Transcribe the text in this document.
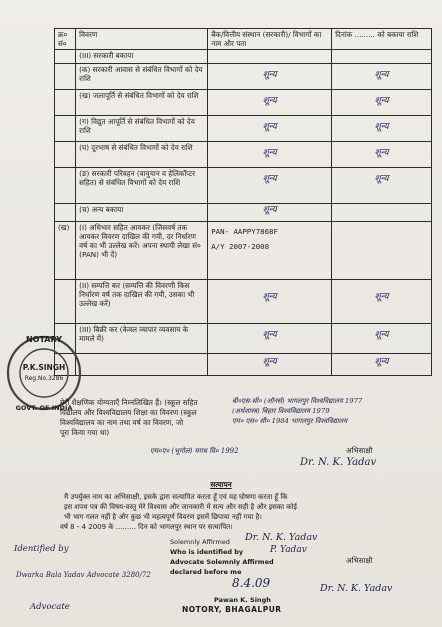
क्र० सं०	विवरण	बैंक/वित्तीय संस्थान (सरकारी)/ विभागों का नाम और पता	दिनांक ......... को बकाया राशि
	(III) सरकारी बकाया		
	(क) सरकारी आवास से संबंधित विभागों को देय राशि	शून्य	शून्य

	(ख) जलापूर्ति से संबंधित विभागों को देय राशि	शून्य	शून्य

	(ग) विद्युत आपूर्ति से संबंधित विभागों को देय राशि	शून्य	शून्य

	(घ) दूरभाष से संबंधित विभागों को देय राशि	शून्य	शून्य

	(ङ) सरकारी परिवहन (वायुयान व हेलिकॉप्टर सहित) से संबंधित विभागों को देय राशि	शून्य	शून्य

	(च) अन्य बकाया	शून्य	

(ख)	(I) अधिभार सहित आयकर (जिसवर्ष तक आयकर विवरण दाखिल की गयी, दर निर्धारण वर्ष का भी उल्लेख करें। अपना स्थायी लेखा सं० (PAN) भी दें)	PAN- AAPPY7868F
A/Y 2007-2008	

	(II) सम्पत्ति कर (सम्पत्ति की विवरणी किस निर्धारण वर्ष तक दाखिल की गयी, उसका भी उल्लेख करें)	शून्य	शून्य

	(III) बिक्री कर (केवल व्यापार व्यवसाय के मामले में)	शून्य	शून्य

		शून्य	शून्य
NOTARY
P.K.SINGH
Reg.No.3286
GOVT. OF INDIA
मेरी शैक्षणिक योग्यताएँ निम्नलिखित हैं। (स्कूल सहित
विद्यालय और विश्वविद्यालय शिक्षा का विवरण (स्कूल
विश्वविद्यालय का नाम तथा वर्ष का विवरण, जो
पूरा किया गया था)
बी०एस-सी० (ऑनर्स) भागलपुर विश्वविद्यालय 1977
(अर्थशास्त्र) बिहार विश्वविद्यालय 1979
एम० एस० सी० 1984 भागलपुर विश्वविद्यालय
एम०ए० (भूगोल) मगध वि० 1992	अभिसाक्षी
Dr. N. K. Yadav
सत्यापन
मैं उपर्युक्त नाम का अभिसाक्षी, इसके द्वारा सत्यापित करता हूँ एवं यह घोषणा करता हूँ कि
इस शपथ पत्र की विषय-वस्तु मेरे विश्वास और जानकारी में सत्य और सही है और इसका कोई
भी भाग गलत नहीं है और कुछ भी महत्वपूर्ण विवरण इसमें छिपाया नहीं गया है।
वर्ष 8 - 4 2009 के ......... दिन को भागलपुर स्थान पर सत्यापित।
Identified by
Dwarka Bala Yadav Advocate 3280/72
Advocate
Solemnly Affirmed Dr. N. K. Yadav
Who is identified by	P. Yadav
Advocate Solemnly Affirmed
declared before me
अभिसाक्षी
Dr. N. K. Yadav
8.4.09
Pawan K. Singh
NOTORY, BHAGALPUR
